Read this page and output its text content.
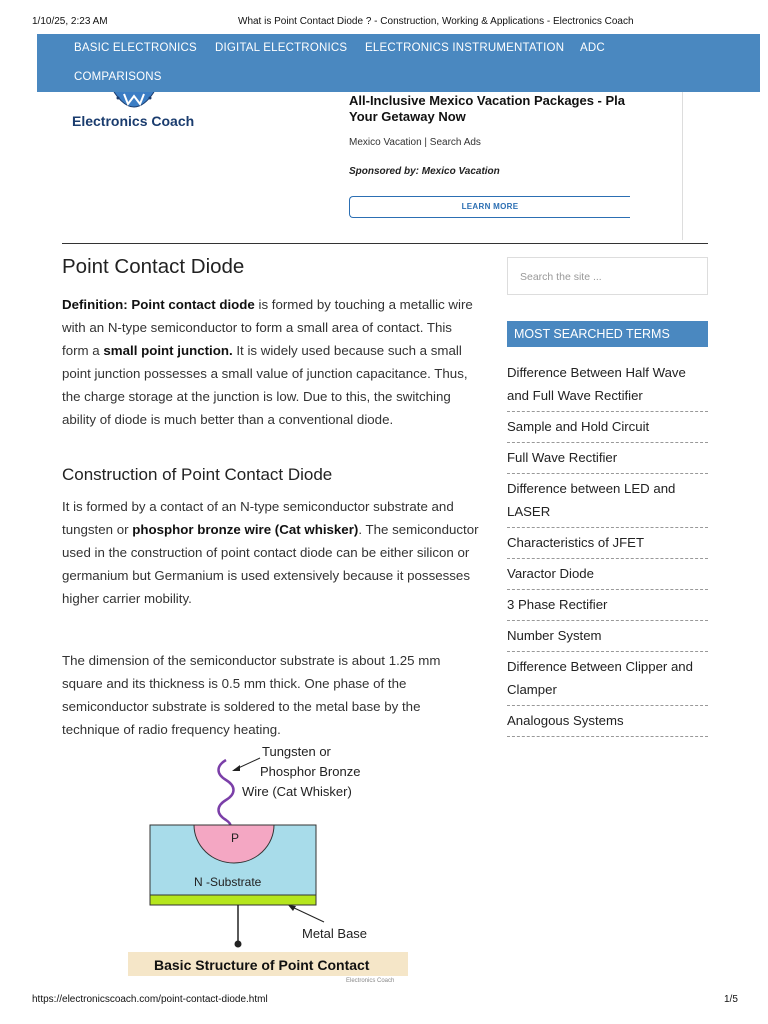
1/10/25, 2:23 AM	What is Point Contact Diode ? - Construction, Working & Applications - Electronics Coach
BASIC ELECTRONICS DIGITAL ELECTRONICS ELECTRONICS INSTRUMENTATION ADC
COMPARISONS
Electronics Coach
All-Inclusive Mexico Vacation Packages - Pla
Your Getaway Now
Mexico Vacation | Search Ads
Sponsored by: Mexico Vacation
LEARN MORE
Point Contact Diode
Definition: Point contact diode is formed by touching a metallic wire with an N-type semiconductor to form a small area of contact. This form a small point junction. It is widely used because such a small point junction possesses a small value of junction capacitance. Thus, the charge storage at the junction is low. Due to this, the switching ability of diode is much better than a conventional diode.
Construction of Point Contact Diode
It is formed by a contact of an N-type semiconductor substrate and tungsten or phosphor bronze wire (Cat whisker). The semiconductor used in the construction of point contact diode can be either silicon or germanium but Germanium is used extensively because it possesses higher carrier mobility.
The dimension of the semiconductor substrate is about 1.25 mm square and its thickness is 0.5 mm thick. One phase of the semiconductor substrate is soldered to the metal base by the technique of radio frequency heating.
Tungsten or
Phosphor Bronze
Wire (Cat Whisker)
P
N -Substrate
Metal Base
Basic Structure of Point Contact
Electronics Coach
Search the site ...
MOST SEARCHED TERMS
Difference Between Half Wave and Full Wave Rectifier
Sample and Hold Circuit
Full Wave Rectifier
Difference between LED and LASER
Characteristics of JFET
Varactor Diode
3 Phase Rectifier
Number System
Difference Between Clipper and Clamper
Analogous Systems
https://electronicscoach.com/point-contact-diode.html	1/5
